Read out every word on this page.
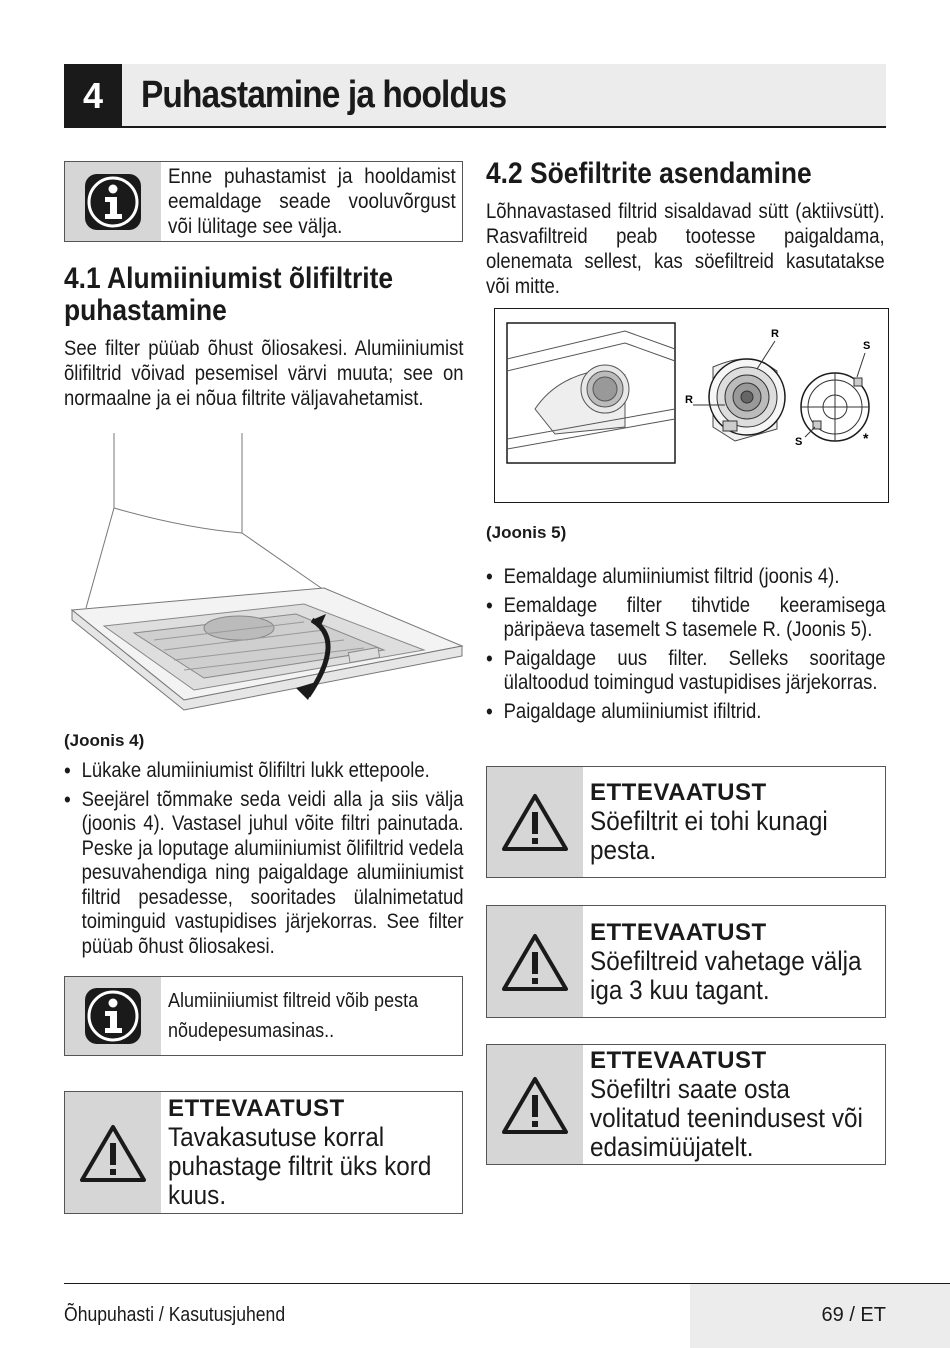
4 Puhastamine ja hooldus
Enne puhastamist ja hooldamist eemaldage seade vooluvõrgust või lülitage see välja.
4.1 Alumiiniumist õlifiltrite puhastamine
See filter püüab õhust õliosakesi. Alumiiniumist õlifiltrid võivad pesemisel värvi muuta; see on normaalne ja ei nõua filtrite väljavahetamist.
(Joonis 4)
• Lükake alumiiniumist õlifiltri lukk ettepoole.
• Seejärel tõmmake seda veidi alla ja siis välja (joonis 4). Vastasel juhul võite filtri painutada. Peske ja loputage alumiiniumist õlifiltrid vedela pesuvahendiga ning paigaldage alumiiniumist filtrid pesadesse, sooritades ülalnimetatud toiminguid vastupidises järjekorras. See filter püüab õhust õliosakesi.
Alumiiniiumist filtreid võib pesta nõudepesumasinas..
ETTEVAATUST
Tavakasutuse korral puhastage filtrit üks kord kuus.
4.2 Söefiltrite asendamine
Lõhnavastased filtrid sisaldavad sütt (aktiivsütt). Rasvafiltreid peab tootesse paigaldama, olenemata sellest, kas söefiltreid kasutatakse või mitte.
R
R
S
S	*
(Joonis 5)
• Eemaldage alumiiniumist filtrid (joonis 4).
• Eemaldage filter tihvtide keeramisega päripäeva tasemelt S tasemele R. (Joonis 5).
• Paigaldage uus filter. Selleks sooritage ülaltoodud toimingud vastupidises järjekorras.
• Paigaldage alumiiniumist ifiltrid.
ETTEVAATUST
Söefiltrit ei tohi kunagi pesta.
ETTEVAATUST
Söefiltreid vahetage välja iga 3 kuu tagant.
ETTEVAATUST
Söefiltri saate osta volitatud teenindusest või edasimüüjatelt.
Õhupuhasti / Kasutusjuhend	69 / ET
